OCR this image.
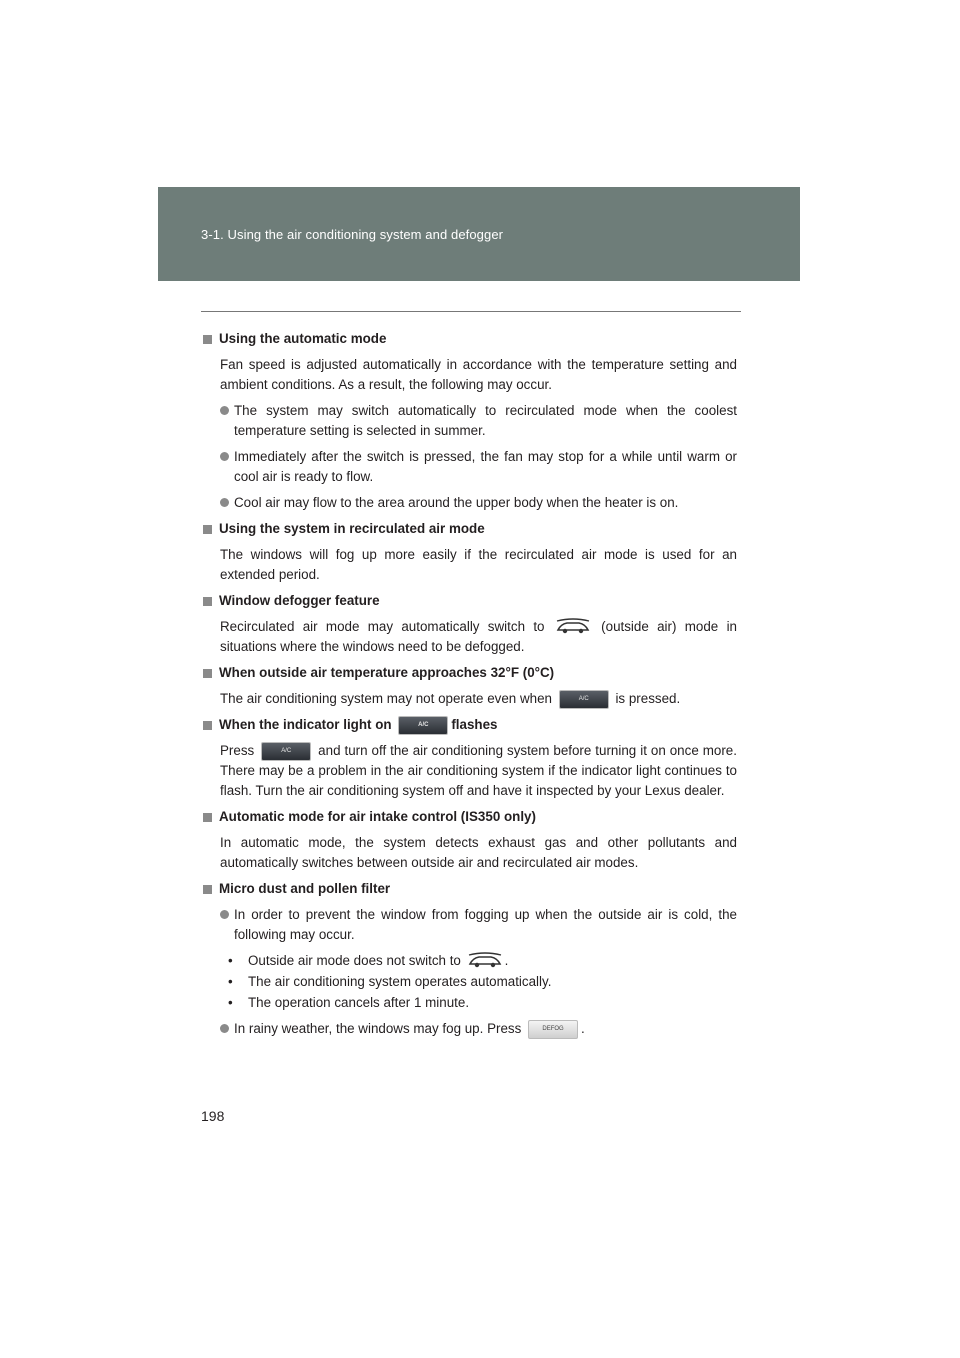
3-1. Using the air conditioning system and defogger
Using the automatic mode
Fan speed is adjusted automatically in accordance with the temperature setting and ambient conditions. As a result, the following may occur.
The system may switch automatically to recirculated mode when the coolest temperature setting is selected in summer.
Immediately after the switch is pressed, the fan may stop for a while until warm or cool air is ready to flow.
Cool air may flow to the area around the upper body when the heater is on.
Using the system in recirculated air mode
The windows will fog up more easily if the recirculated air mode is used for an extended period.
Window defogger feature
Recirculated air mode may automatically switch to	(outside air) mode in situations where the windows need to be defogged.
When outside air temperature approaches 32°F (0°C)
The air conditioning system may not operate even when	A/C	is pressed.
When the indicator light on
	A/C	flashes
Press	A/C	and turn off the air conditioning system before turning it on once more. There may be a problem in the air conditioning system if the indicator light continues to flash. Turn the air conditioning system off and have it inspected by your Lexus dealer.
Automatic mode for air intake control (IS350 only)
In automatic mode, the system detects exhaust gas and other pollutants and automatically switches between outside air and recirculated air modes.
Micro dust and pollen filter
In order to prevent the window from fogging up when the outside air is cold, the following may occur.
•	Outside air mode does not switch to	.
•	The air conditioning system operates automatically.
•	The operation cancels after 1 minute.
In rainy weather, the windows may fog up. Press	DEFOG	.
198
